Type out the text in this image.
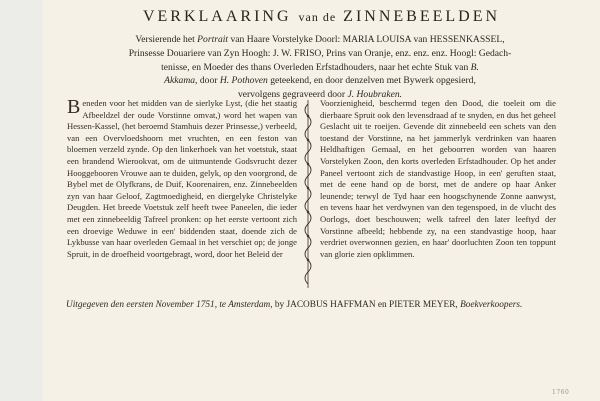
1760
VERKLAARING van de ZINNEBEELDEN
Versierende het Portrait van Haare Vorstelyke Doorl: MARIA LOUISA van HESSENKASSEL,
Prinsesse Douariere van Zyn Hoogh: J. W. FRISO, Prins van Oranje, enz. enz. enz. Hoogl: Gedach-
tenisse, en Moeder des thans Overleden Erfstadhouders, naar het echte Stuk van B.
Akkama, door H. Pothoven geteekend, en door denzelven met Bywerk opgesierd,
vervolgens gegraveerd door J. Houbraken.
Beneden voor het midden van de sierlyke Lyst, (die het staatig Afbeeldzel der oude Vorstinne omvat,) word het wapen van Hessen-Kassel, (het beroemd Stamhuis dezer Prinsesse,) verbeeld, van een Overvloedshoorn met vruchten, en een feston van bloemen verzeld zynde. Op den linkerhoek van het voetstuk, staat een brandend Wierookvat, om de uitmuntende Godsvrucht dezer Hooggebooren Vrouwe aan te duiden, gelyk, op den voorgrond, de Bybel met de Olyfkrans, de Duif, Koorenairen, enz. Zinnebeelden zyn van haar Geloof, Zagtmoedigheid, en diergelyke Christelyke Deugden. Het breede Voetstuk zelf heeft twee Paneelen, die ieder met een zinnebeeldig Tafreel pronken: op het eerste vertoont zich een droevige Weduwe in een' biddenden staat, doende zich de Lykbusse van haar overleden Gemaal in het verschiet op; de jonge Spruit, in de droefheid voortgebragt, word, door het Beleid der
Voorzienigheid, beschermd tegen den Dood, die toeleit om die dierbaare Spruit ook den levensdraad af te snyden, en dus het geheel Geslacht uit te roeijen. Gevende dit zinnebeeld een schets van den toestand der Vorstinne, na het jammerlyk verdrinken van haaren Heldhaftigen Gemaal, en het geboorren worden van haaren Vorstelyken Zoon, den korts overleden Erfstadhouder. Op het ander Paneel vertoont zich de standvastige Hoop, in een' geruften staat, met de eene hand op de borst, met de andere op haar Anker leunende; terwyl de Tyd haar een hoogschynende Zonne aanwyst, en tevens haar het verdwynen van den tegenspoed, in de vlucht des Oorlogs, doet beschouwen; welk tafreel den later leeftyd der Vorstinne afbeeld; hebbende zy, na een standvastige hoop, haar verdriet overwonnen gezien, en haar' doorluchten Zoon ten toppunt van glorie zien opklimmen.
Uitgegeven den eersten November 1751, te Amsterdam, by JACOBUS HAFFMAN en PIETER MEYER, Boekverkoopers.
